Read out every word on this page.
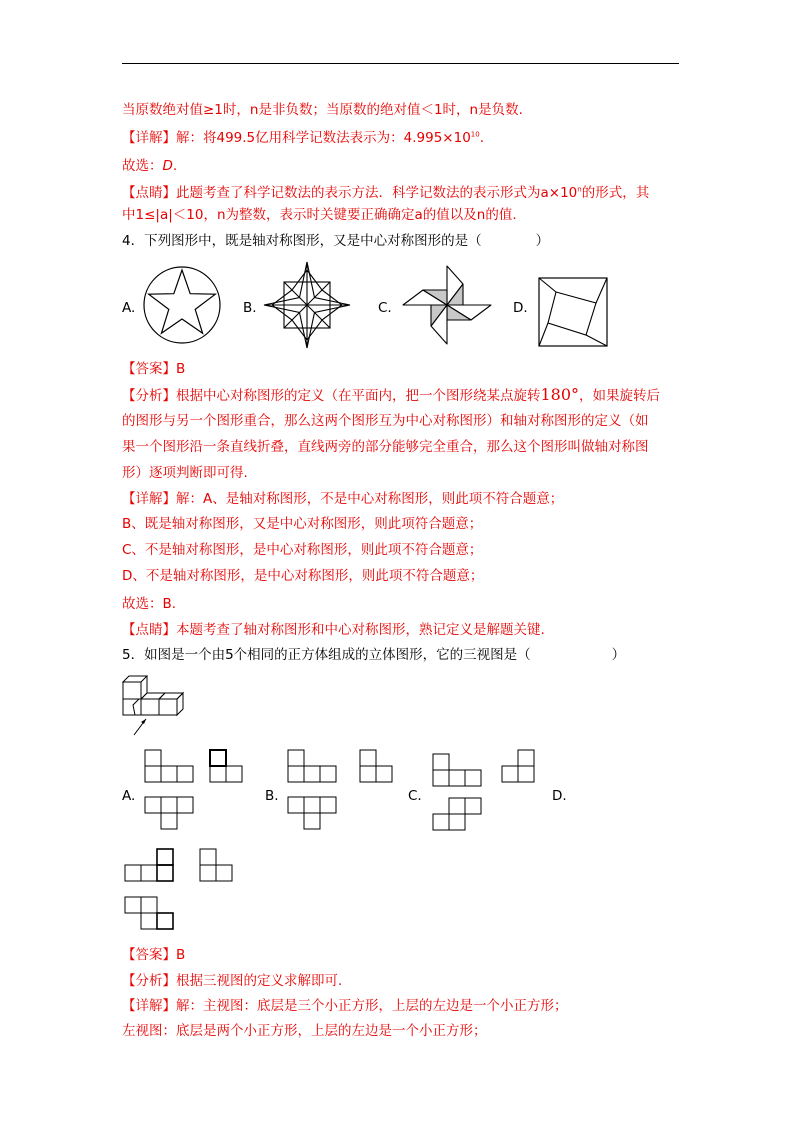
当原数绝对值≥1时，n是非负数；当原数的绝对值＜1时，n是负数.
【详解】解：将499.5亿用科学记数法表示为：$4.995\times 10^{10}$.
故选：D.
【点睛】此题考查了科学记数法的表示方法．科学记数法的表示形式为$a\times 10^n$的形式，其
中1≤|a|＜10，n为整数，表示时关键要正确确定a的值以及n的值.
4．下列图形中，既是轴对称图形，又是中心对称图形的是（　　　　）
A.	B.	C.	D.
【答案】B
【分析】根据中心对称图形的定义（在平面内，把一个图形绕某点旋转180°，如果旋转后
的图形与另一个图形重合，那么这两个图形互为中心对称图形）和轴对称图形的定义（如
果一个图形沿一条直线折叠，直线两旁的部分能够完全重合，那么这个图形叫做轴对称图
形）逐项判断即可得.
【详解】解：A、是轴对称图形，不是中心对称图形，则此项不符合题意；
B、既是轴对称图形，又是中心对称图形，则此项符合题意；
C、不是轴对称图形，是中心对称图形，则此项不符合题意；
D、不是轴对称图形，是中心对称图形，则此项不符合题意；
故选：B.
【点睛】本题考查了轴对称图形和中心对称图形，熟记定义是解题关键.
5．如图是一个由5个相同的正方体组成的立体图形，它的三视图是（　　　　　　）
A.	B.	C.	D.
【答案】B
【分析】根据三视图的定义求解即可.
【详解】解：主视图：底层是三个小正方形，上层的左边是一个小正方形；
左视图：底层是两个小正方形，上层的左边是一个小正方形；
